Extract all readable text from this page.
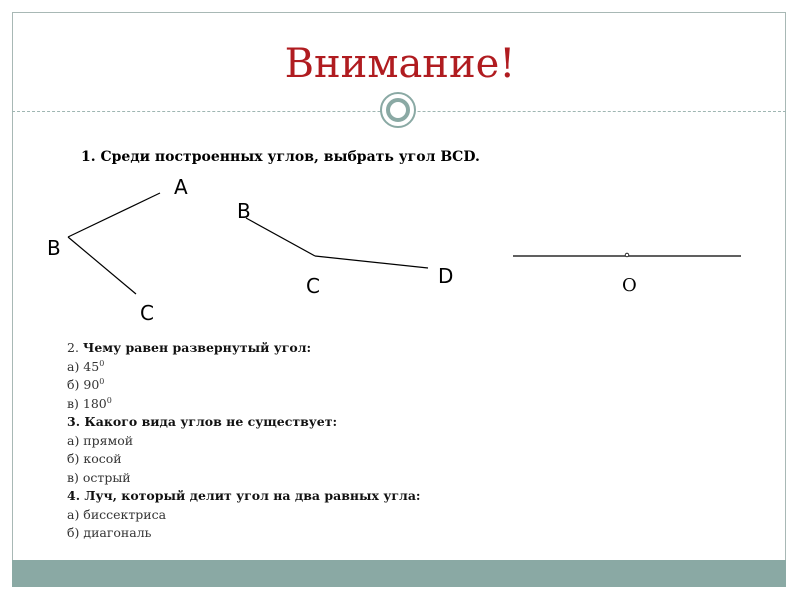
Внимание!
1. Среди построенных углов, выбрать угол ВCD.
А
В
С
В
С	D	O
2. Чему равен развернутый угол:
а) $45^0$
б) $90^0$
в) $180^0$
3. Какого вида углов не существует:
а) прямой
б) косой
в) острый
4. Луч, который делит угол на два равных угла:
а) биссектриса
б) диагональ
